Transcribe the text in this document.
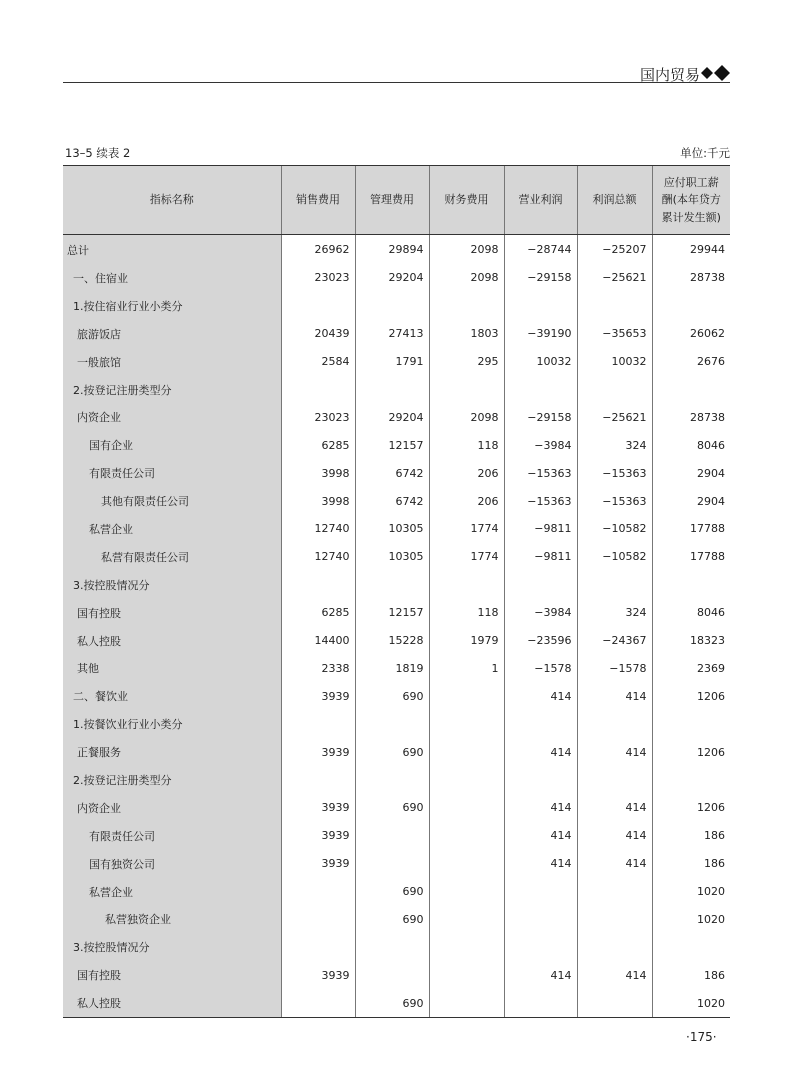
国内贸易
13–5 续表 2	单位:千元
指标名称	销售费用	管理费用	财务费用	营业利润	利润总额	应付职工薪酬(本年贷方累计发生额)
总计	26962	29894	2098	−28744	−25207	29944
一、住宿业	23023	29204	2098	−29158	−25621	28738
1.按住宿业行业小类分						
旅游饭店	20439	27413	1803	−39190	−35653	26062
一般旅馆	2584	1791	295	10032	10032	2676
2.按登记注册类型分						
内资企业	23023	29204	2098	−29158	−25621	28738
国有企业	6285	12157	118	−3984	324	8046
有限责任公司	3998	6742	206	−15363	−15363	2904
其他有限责任公司	3998	6742	206	−15363	−15363	2904
私营企业	12740	10305	1774	−9811	−10582	17788
私营有限责任公司	12740	10305	1774	−9811	−10582	17788
3.按控股情况分						
国有控股	6285	12157	118	−3984	324	8046
私人控股	14400	15228	1979	−23596	−24367	18323
其他	2338	1819	1	−1578	−1578	2369
二、餐饮业	3939	690		414	414	1206
1.按餐饮业行业小类分						
正餐服务	3939	690		414	414	1206
2.按登记注册类型分						
内资企业	3939	690		414	414	1206
有限责任公司	3939			414	414	186
国有独资公司	3939			414	414	186
私营企业		690				1020
私营独资企业		690				1020
3.按控股情况分						
国有控股	3939			414	414	186
私人控股		690				1020
·175·
